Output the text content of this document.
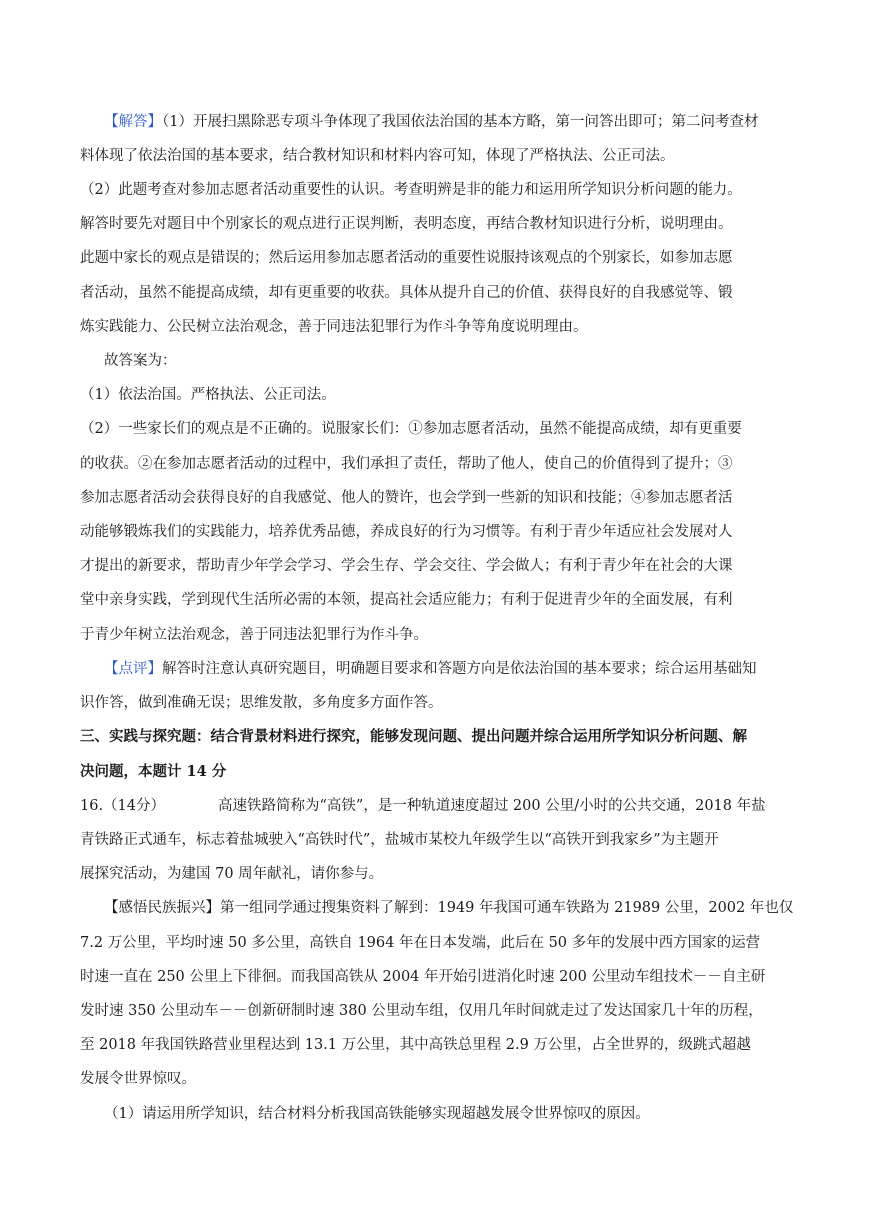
【解答】（1）开展扫黑除恶专项斗争体现了我国依法治国的基本方略，第一问答出即可；第二问考查材
料体现了依法治国的基本要求，结合教材知识和材料内容可知，体现了严格执法、公正司法。
（2）此题考查对参加志愿者活动重要性的认识。考查明辨是非的能力和运用所学知识分析问题的能力。
解答时要先对题目中个别家长的观点进行正误判断，表明态度，再结合教材知识进行分析，说明理由。
此题中家长的观点是错误的；然后运用参加志愿者活动的重要性说服持该观点的个别家长，如参加志愿
者活动，虽然不能提高成绩，却有更重要的收获。具体从提升自己的价值、获得良好的自我感觉等、锻
炼实践能力、公民树立法治观念，善于同违法犯罪行为作斗争等角度说明理由。
故答案为：
（1）依法治国。严格执法、公正司法。
（2）一些家长们的观点是不正确的。说服家长们：①参加志愿者活动，虽然不能提高成绩，却有更重要
的收获。②在参加志愿者活动的过程中，我们承担了责任，帮助了他人，使自己的价值得到了提升；③
参加志愿者活动会获得良好的自我感觉、他人的赞许，也会学到一些新的知识和技能；④参加志愿者活
动能够锻炼我们的实践能力，培养优秀品德，养成良好的行为习惯等。有利于青少年适应社会发展对人
才提出的新要求，帮助青少年学会学习、学会生存、学会交往、学会做人；有利于青少年在社会的大课
堂中亲身实践，学到现代生活所必需的本领，提高社会适应能力；有利于促进青少年的全面发展，有利
于青少年树立法治观念，善于同违法犯罪行为作斗争。
【点评】解答时注意认真研究题目，明确题目要求和答题方向是依法治国的基本要求；综合运用基础知
识作答，做到准确无误；思维发散，多角度多方面作答。
三、实践与探究题：结合背景材料进行探究，能够发现问题、提出问题并综合运用所学知识分析问题、解
决问题，本题计 14 分
16.（14分）	高速铁路简称为“高铁”，是一种轨道速度超过 200 公里/小时的公共交通，2018 年盐
青铁路正式通车，标志着盐城驶入“高铁时代”，盐城市某校九年级学生以“高铁开到我家乡”为主题开
展探究活动，为建国 70 周年献礼，请你参与。
【感悟民族振兴】第一组同学通过搜集资料了解到：1949 年我国可通车铁路为 21989 公里，2002 年也仅
7.2 万公里，平均时速 50 多公里，高铁自 1964 年在日本发端，此后在 50 多年的发展中西方国家的运营
时速一直在 250 公里上下徘徊。而我国高铁从 2004 年开始引进消化时速 200 公里动车组技术－－自主研
发时速 350 公里动车－－创新研制时速 380 公里动车组，仅用几年时间就走过了发达国家几十年的历程，
至 2018 年我国铁路营业里程达到 13.1 万公里，其中高铁总里程 2.9 万公里，占全世界的，级跳式超越
发展令世界惊叹。
（1）请运用所学知识，结合材料分析我国高铁能够实现超越发展令世界惊叹的原因。
